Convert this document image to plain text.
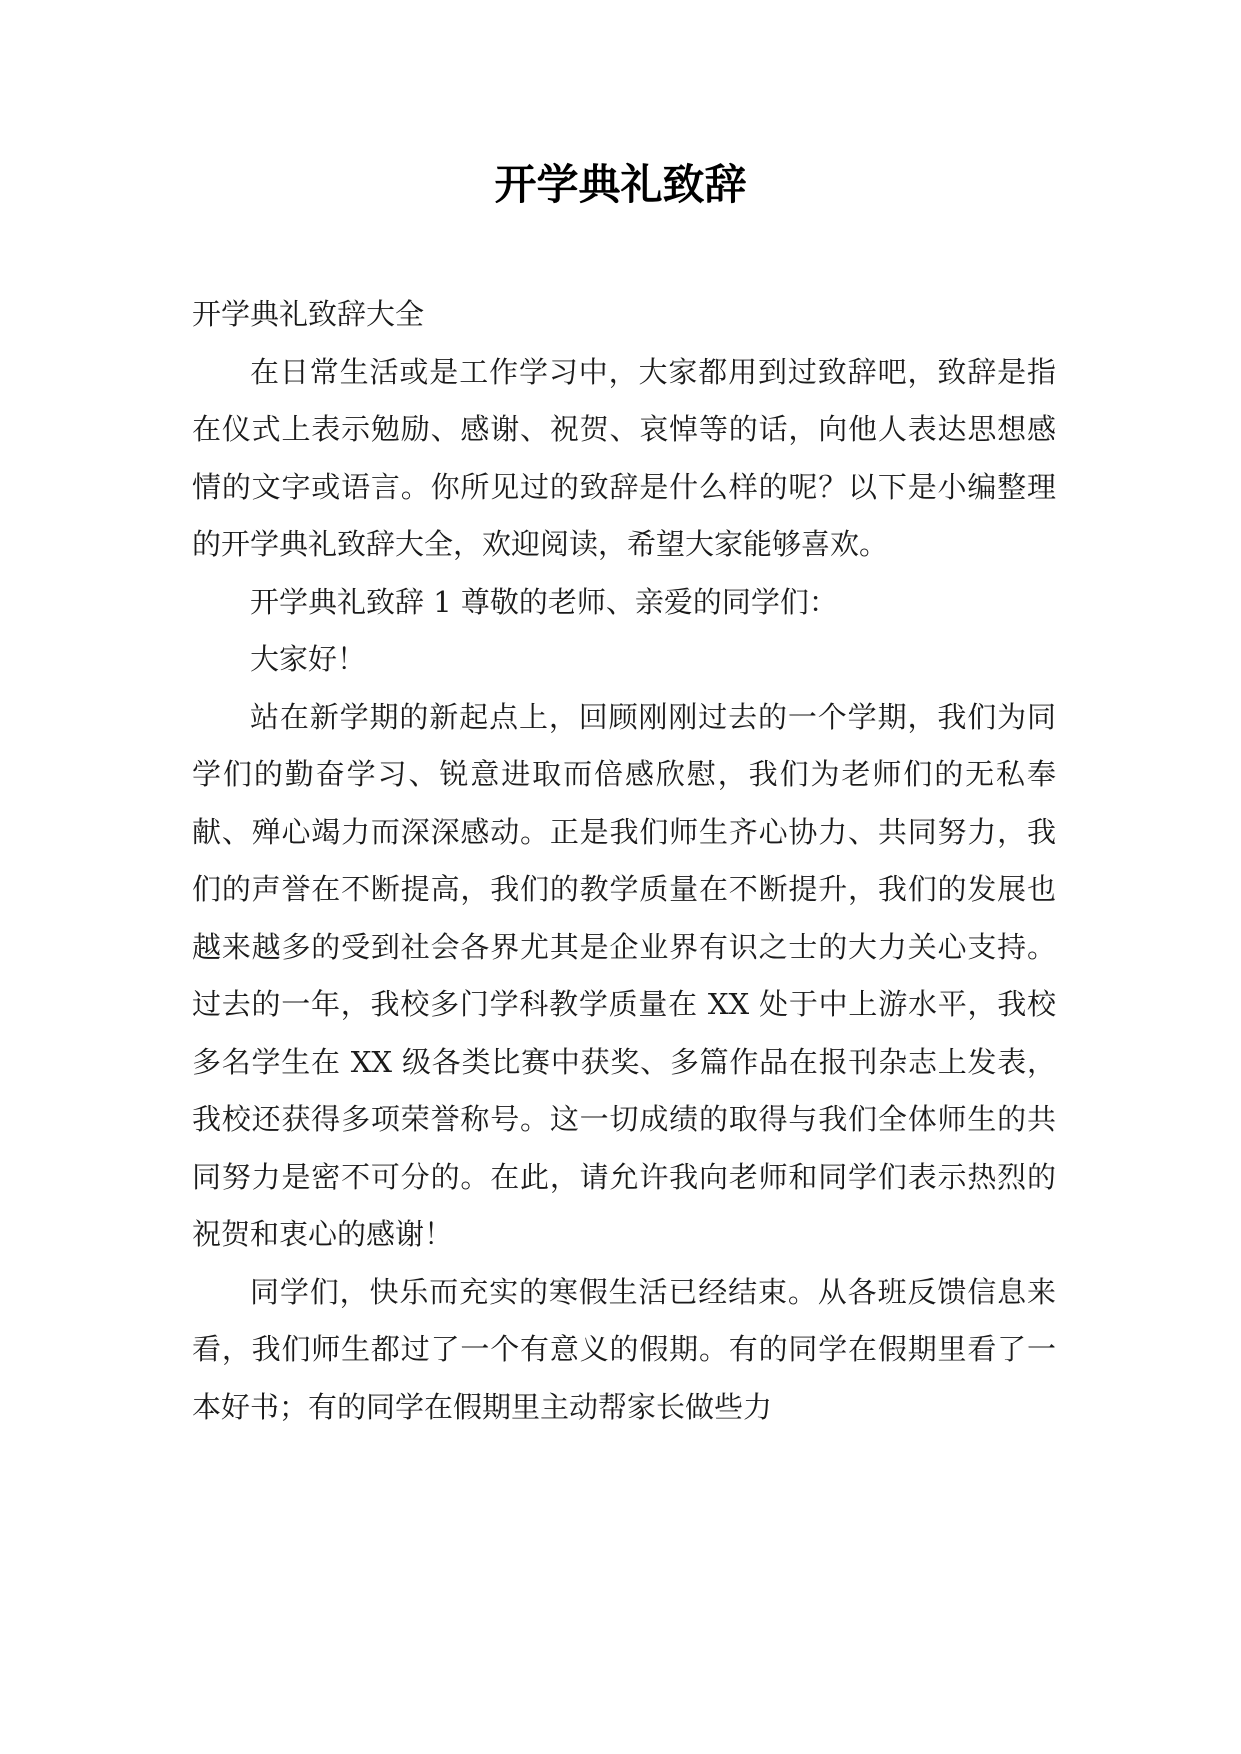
开学典礼致辞

开学典礼致辞大全

在日常生活或是工作学习中，大家都用到过致辞吧，致辞是指在仪式上表示勉励、感谢、祝贺、哀悼等的话，向他人表达思想感情的文字或语言。你所见过的致辞是什么样的呢？以下是小编整理的开学典礼致辞大全，欢迎阅读，希望大家能够喜欢。

开学典礼致辞 1 尊敬的老师、亲爱的同学们：

大家好！

站在新学期的新起点上，回顾刚刚过去的一个学期，我们为同学们的勤奋学习、锐意进取而倍感欣慰，我们为老师们的无私奉献、殚心竭力而深深感动。正是我们师生齐心协力、共同努力，我们的声誉在不断提高，我们的教学质量在不断提升，我们的发展也越来越多的受到社会各界尤其是企业界有识之士的大力关心支持。过去的一年，我校多门学科教学质量在 XX 处于中上游水平，我校多名学生在 XX 级各类比赛中获奖、多篇作品在报刊杂志上发表，我校还获得多项荣誉称号。这一切成绩的取得与我们全体师生的共同努力是密不可分的。在此，请允许我向老师和同学们表示热烈的祝贺和衷心的感谢！

同学们，快乐而充实的寒假生活已经结束。从各班反馈信息来看，我们师生都过了一个有意义的假期。有的同学在假期里看了一本好书；有的同学在假期里主动帮家长做些力
